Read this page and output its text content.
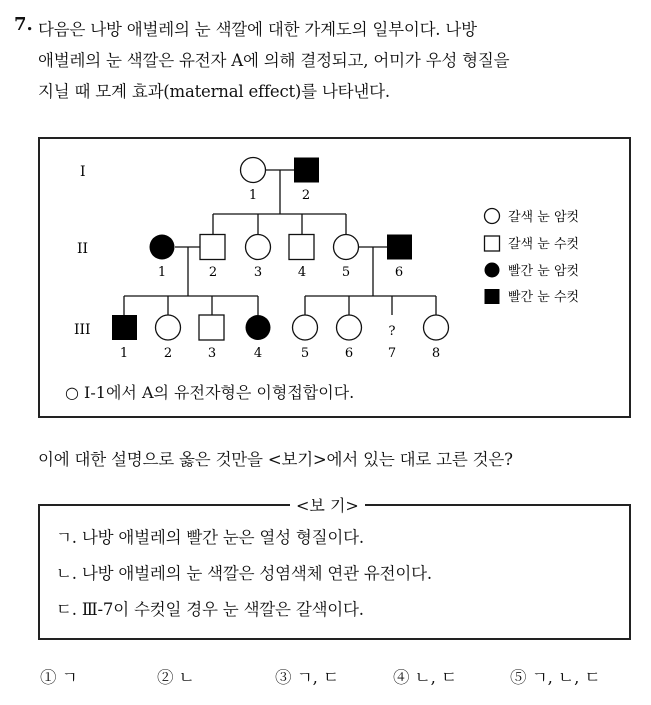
7. 다음은 나방 애벌레의 눈 색깔에 대한 가계도의 일부이다. 나방
애벌레의 눈 색깔은 유전자 A에 의해 결정되고, 어미가 우성 형질을
지닐 때 모계 효과(maternal effect)를 나타낸다.
I
II
III
1	2
1	2	3	4	5	6
?
1	2	3	4	5	6	7	8
갈색 눈 암컷
갈색 눈 수컷
빨간 눈 암컷
빨간 눈 수컷
○ Ⅰ-1에서 A의 유전자형은 이형접합이다.
이에 대한 설명으로 옳은 것만을 <보기>에서 있는 대로 고른 것은?
<보 기>
ㄱ. 나방 애벌레의 빨간 눈은 열성 형질이다.
ㄴ. 나방 애벌레의 눈 색깔은 성염색체 연관 유전이다.
ㄷ. Ⅲ-7이 수컷일 경우 눈 색깔은 갈색이다.
① ㄱ	② ㄴ	③ ㄱ, ㄷ	④ ㄴ, ㄷ	⑤ ㄱ, ㄴ, ㄷ
